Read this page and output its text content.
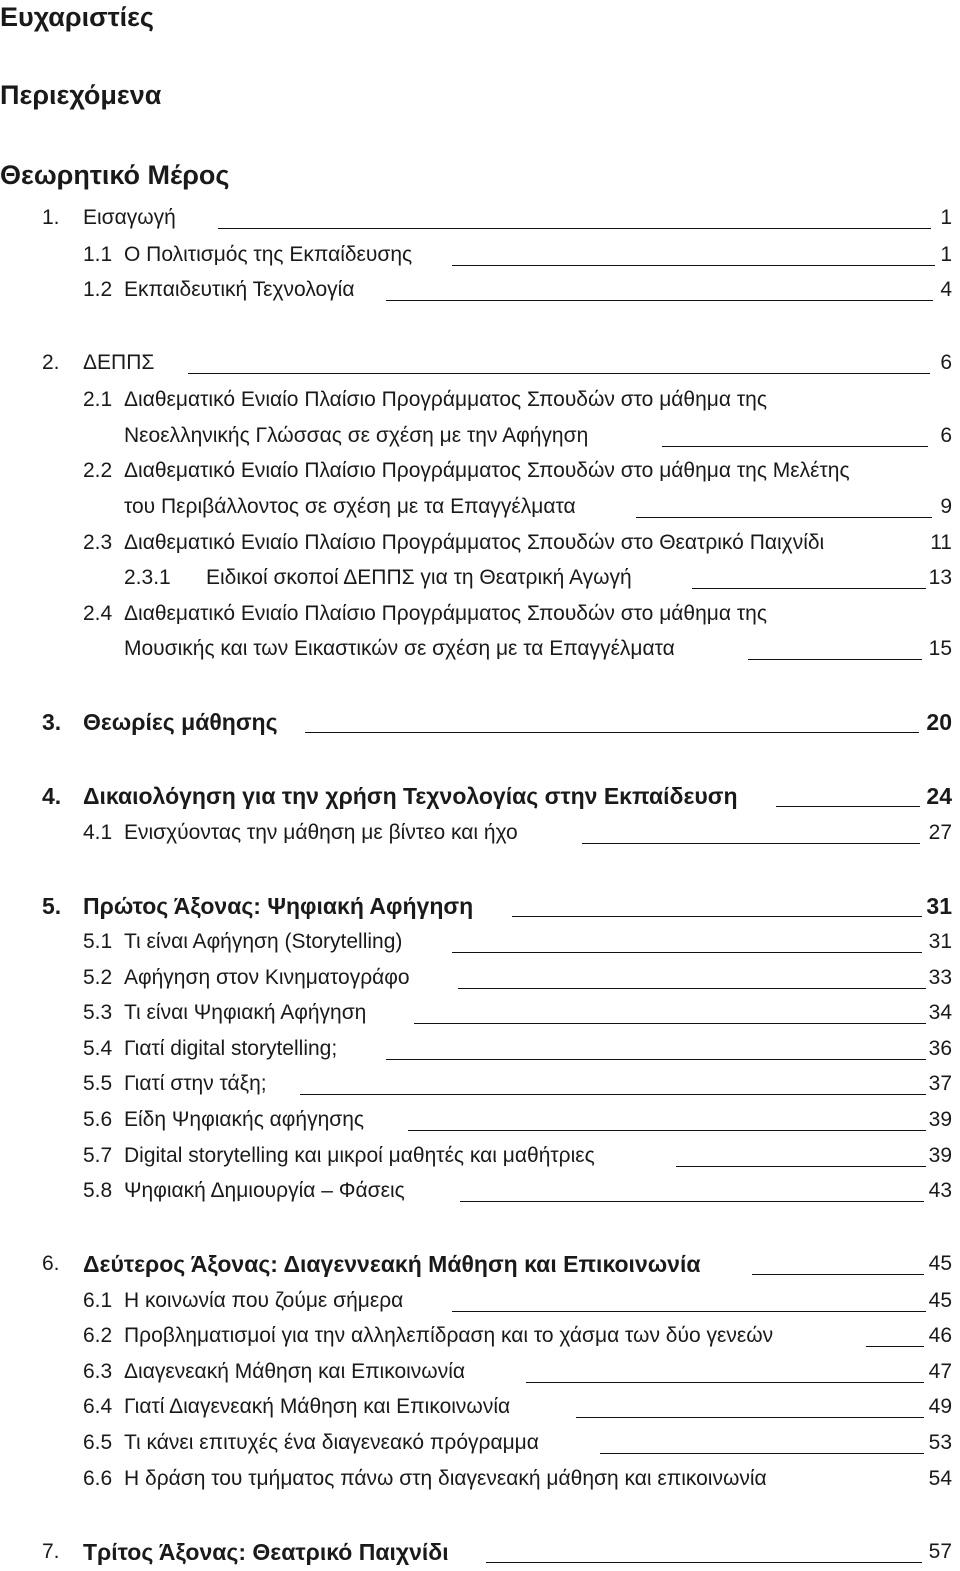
Ευχαριστίες
Περιεχόμενα
Θεωρητικό Μέρος
1. Εισαγωγή	1
1.1 Ο Πολιτισμός της Εκπαίδευσης	1
1.2 Εκπαιδευτική Τεχνολογία	4
2. ΔΕΠΠΣ	6
2.1 Διαθεματικό Ενιαίο Πλαίσιο Προγράμματος Σπουδών στο μάθημα της
Νεοελληνικής Γλώσσας σε σχέση με την Αφήγηση	6
2.2 Διαθεματικό Ενιαίο Πλαίσιο Προγράμματος Σπουδών στο μάθημα της Μελέτης
του Περιβάλλοντος σε σχέση με τα Επαγγέλματα	9
2.3 Διαθεματικό Ενιαίο Πλαίσιο Προγράμματος Σπουδών στο Θεατρικό Παιχνίδι	11
2.3.1 Ειδικοί σκοποί ΔΕΠΠΣ για τη Θεατρική Αγωγή	13
2.4 Διαθεματικό Ενιαίο Πλαίσιο Προγράμματος Σπουδών στο μάθημα της
Μουσικής και των Εικαστικών σε σχέση με τα Επαγγέλματα	15
3. Θεωρίες μάθησης	20
4. Δικαιολόγηση για την χρήση Τεχνολογίας στην Εκπαίδευση	24
4.1 Ενισχύοντας την μάθηση με βίντεο και ήχο	27
5. Πρώτος Άξονας: Ψηφιακή Αφήγηση	31
5.1 Τι είναι Αφήγηση (Storytelling)	31
5.2 Αφήγηση στον Κινηματογράφο	33
5.3 Τι είναι Ψηφιακή Αφήγηση	34
5.4 Γιατί digital storytelling;	36
5.5 Γιατί στην τάξη;	37
5.6 Είδη Ψηφιακής αφήγησης	39
5.7 Digital storytelling και μικροί μαθητές και μαθήτριες	39
5.8 Ψηφιακή Δημιουργία – Φάσεις	43
6. Δεύτερος Άξονας: Διαγεννεακή Μάθηση και Επικοινωνία	45
6.1 Η κοινωνία που ζούμε σήμερα	45
6.2 Προβληματισμοί για την αλληλεπίδραση και το χάσμα των δύο γενεών	46
6.3 Διαγενεακή Μάθηση και Επικοινωνία	47
6.4 Γιατί Διαγενεακή Μάθηση και Επικοινωνία	49
6.5 Τι κάνει επιτυχές ένα διαγενεακό πρόγραμμα	53
6.6 Η δράση του τμήματος πάνω στη διαγενεακή μάθηση και επικοινωνία	54
7. Τρίτος Άξονας: Θεατρικό Παιχνίδι	57
